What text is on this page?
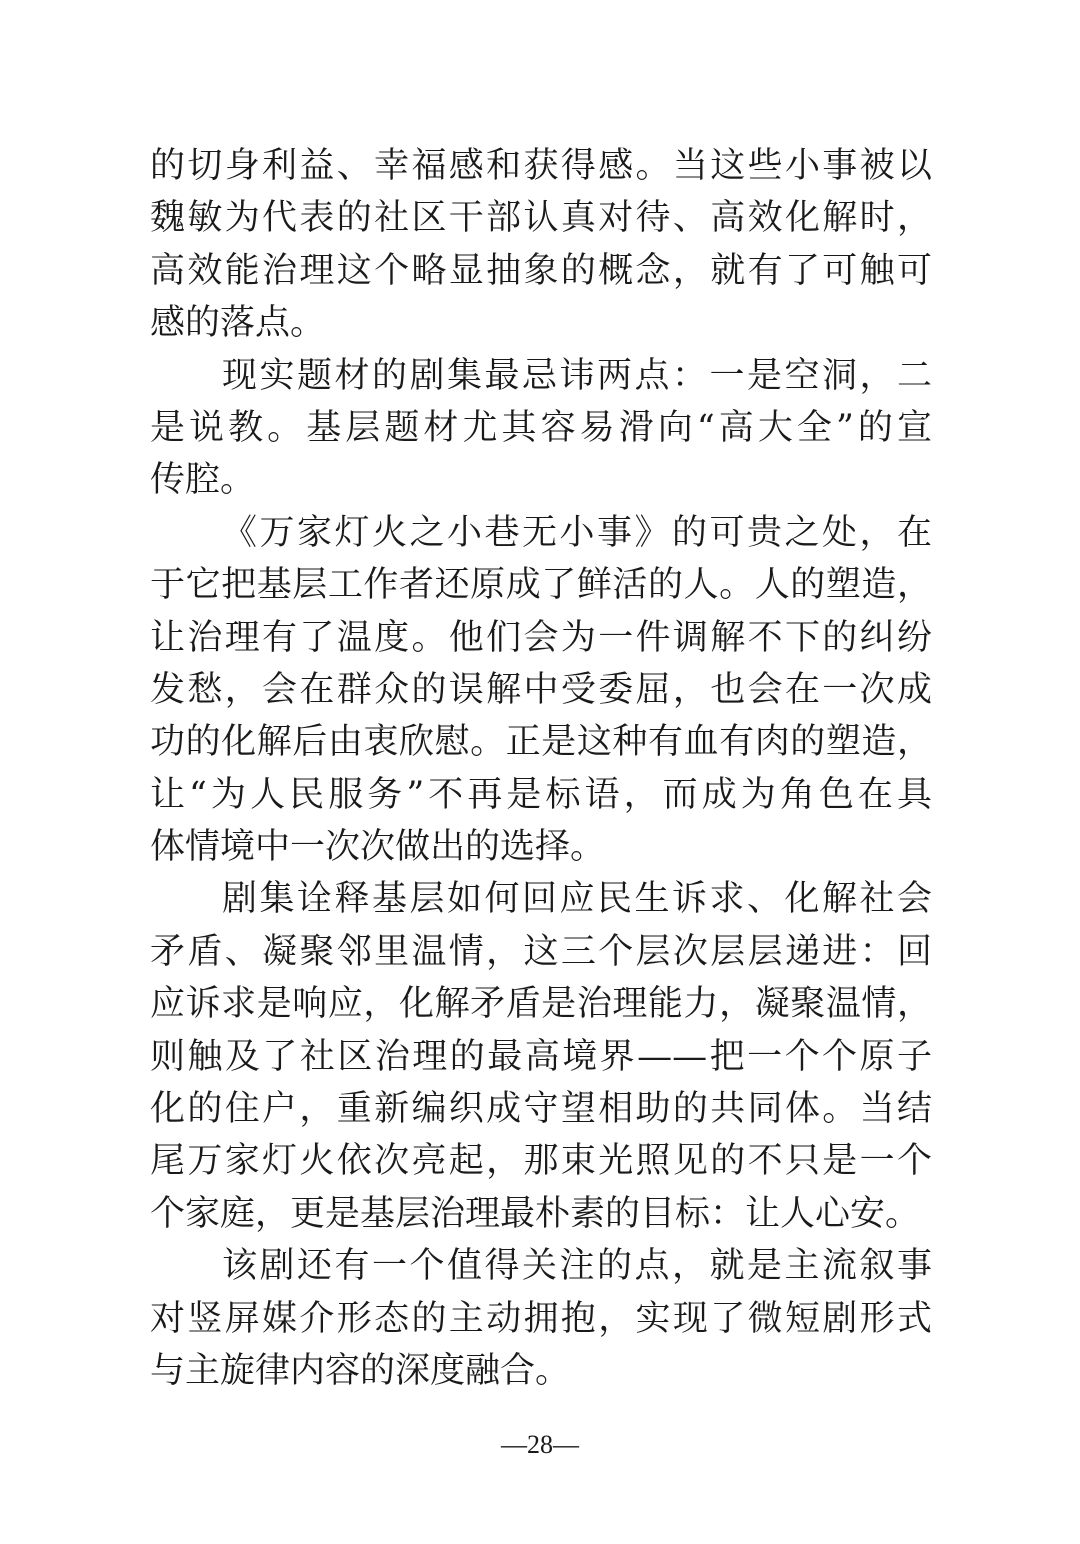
的切身利益、幸福感和获得感。当这些小事被以
魏敏为代表的社区干部认真对待、高效化解时，
高效能治理这个略显抽象的概念，就有了可触可
感的落点。
现实题材的剧集最忌讳两点：一是空洞，二
是说教。基层题材尤其容易滑向“高大全”的宣
传腔。
《万家灯火之小巷无小事》的可贵之处，在
于它把基层工作者还原成了鲜活的人。人的塑造，
让治理有了温度。他们会为一件调解不下的纠纷
发愁，会在群众的误解中受委屈，也会在一次成
功的化解后由衷欣慰。正是这种有血有肉的塑造，
让“为人民服务”不再是标语，而成为角色在具
体情境中一次次做出的选择。
剧集诠释基层如何回应民生诉求、化解社会
矛盾、凝聚邻里温情，这三个层次层层递进：回
应诉求是响应，化解矛盾是治理能力，凝聚温情，
则触及了社区治理的最高境界——把一个个原子
化的住户，重新编织成守望相助的共同体。当结
尾万家灯火依次亮起，那束光照见的不只是一个
个家庭，更是基层治理最朴素的目标：让人心安。
该剧还有一个值得关注的点，就是主流叙事
对竖屏媒介形态的主动拥抱，实现了微短剧形式
与主旋律内容的深度融合。
—28—
